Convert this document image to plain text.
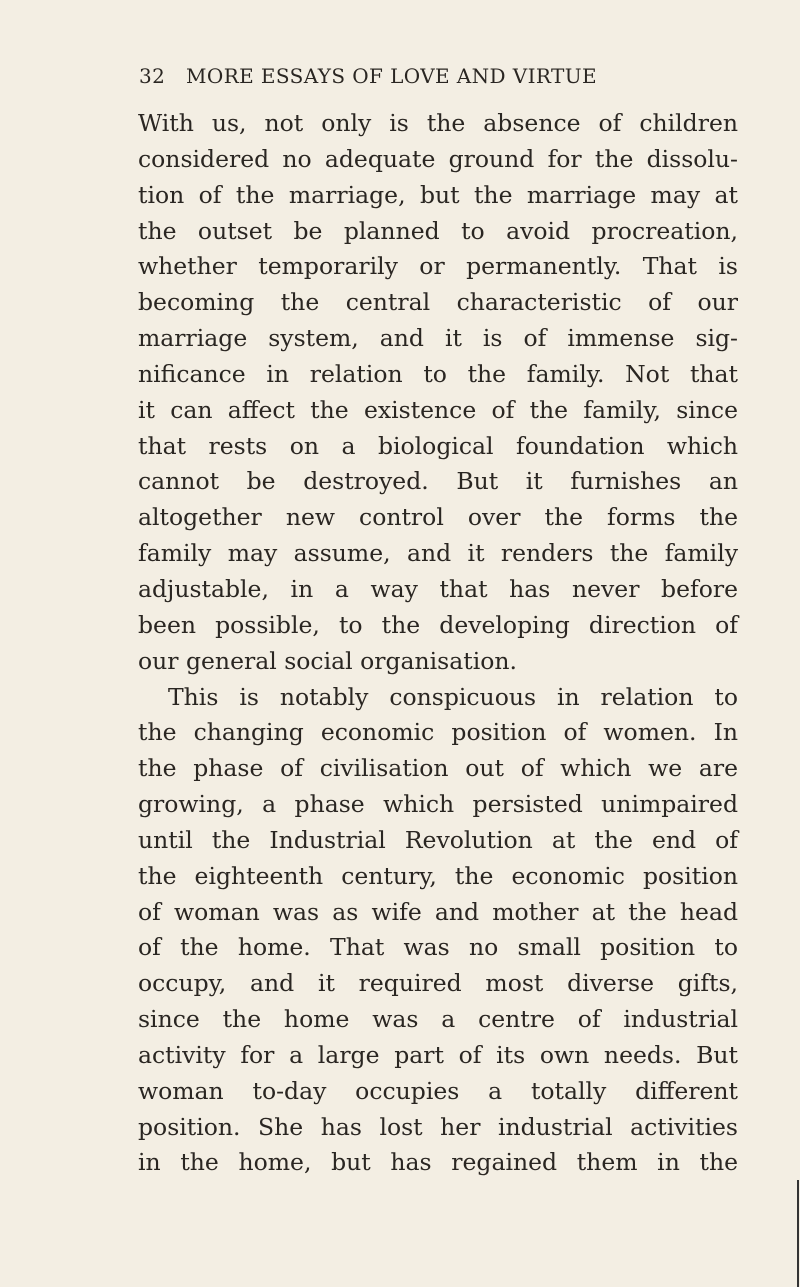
32 MORE ESSAYS OF LOVE AND VIRTUE
With us, not only is the absence of children
considered no adequate ground for the dissolu-
tion of the marriage, but the marriage may at
the outset be planned to avoid procreation,
whether temporarily or permanently. That is
becoming the central characteristic of our
marriage system, and it is of immense sig-
nificance in relation to the family. Not that
it can affect the existence of the family, since
that rests on a biological foundation which
cannot be destroyed. But it furnishes an
altogether new control over the forms the
family may assume, and it renders the family
adjustable, in a way that has never before
been possible, to the developing direction of
our general social organisation.
This is notably conspicuous in relation to
the changing economic position of women. In
the phase of civilisation out of which we are
growing, a phase which persisted unimpaired
until the Industrial Revolution at the end of
the eighteenth century, the economic position
of woman was as wife and mother at the head
of the home. That was no small position to
occupy, and it required most diverse gifts,
since the home was a centre of industrial
activity for a large part of its own needs. But
woman to-day occupies a totally different
position. She has lost her industrial activities
in the home, but has regained them in the
